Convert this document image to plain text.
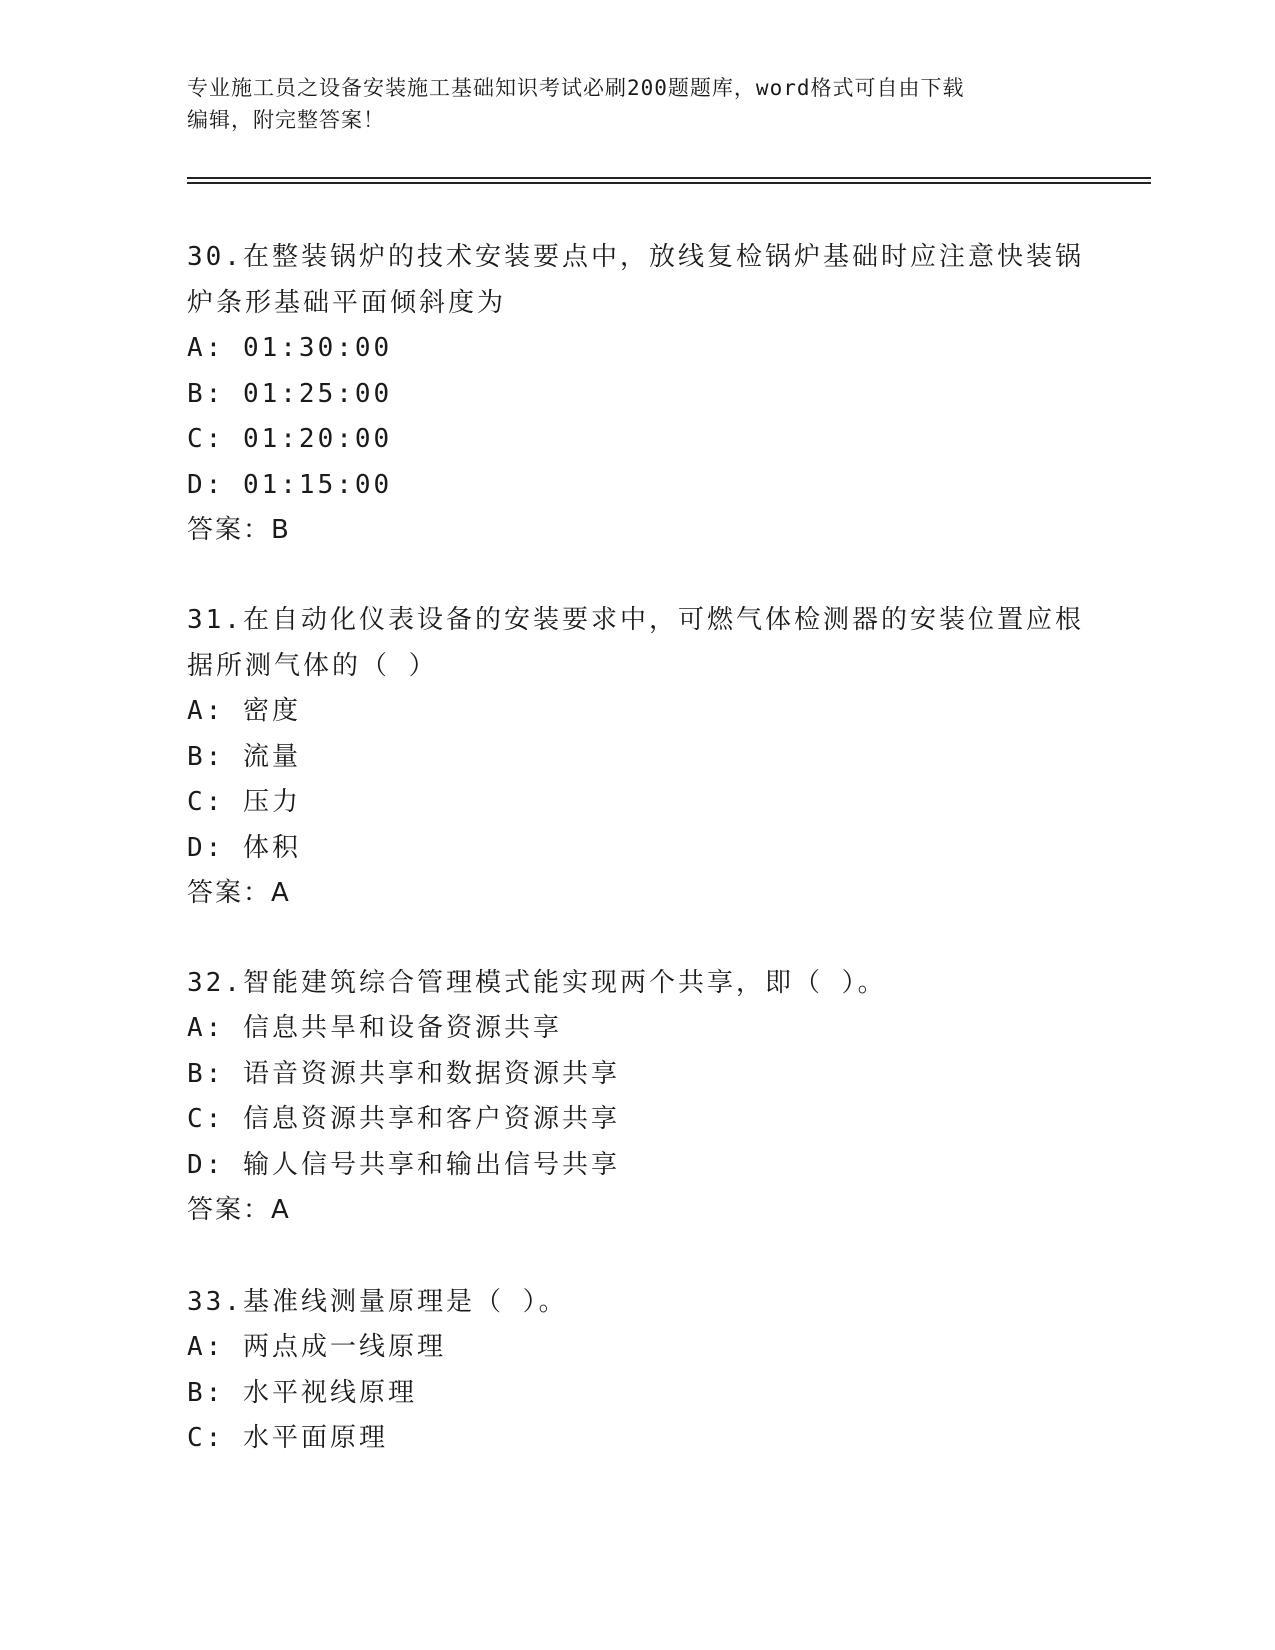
专业施工员之设备安装施工基础知识考试必刷200题题库，word格式可自由下载
编辑，附完整答案！
30.在整装锅炉的技术安装要点中，放线复检锅炉基础时应注意快装锅
炉条形基础平面倾斜度为
A: 01:30:00
B: 01:25:00
C: 01:20:00
D: 01:15:00
答案：B
31.在自动化仪表设备的安装要求中，可燃气体检测器的安装位置应根
据所测气体的（ ）
A: 密度
B: 流量
C: 压力
D: 体积
答案：A
32.智能建筑综合管理模式能实现两个共享，即（ ）。
A: 信息共旱和设备资源共享
B: 语音资源共享和数据资源共享
C: 信息资源共享和客户资源共享
D: 输人信号共享和输出信号共享
答案：A
33.基准线测量原理是（ ）。
A: 两点成一线原理
B: 水平视线原理
C: 水平面原理
